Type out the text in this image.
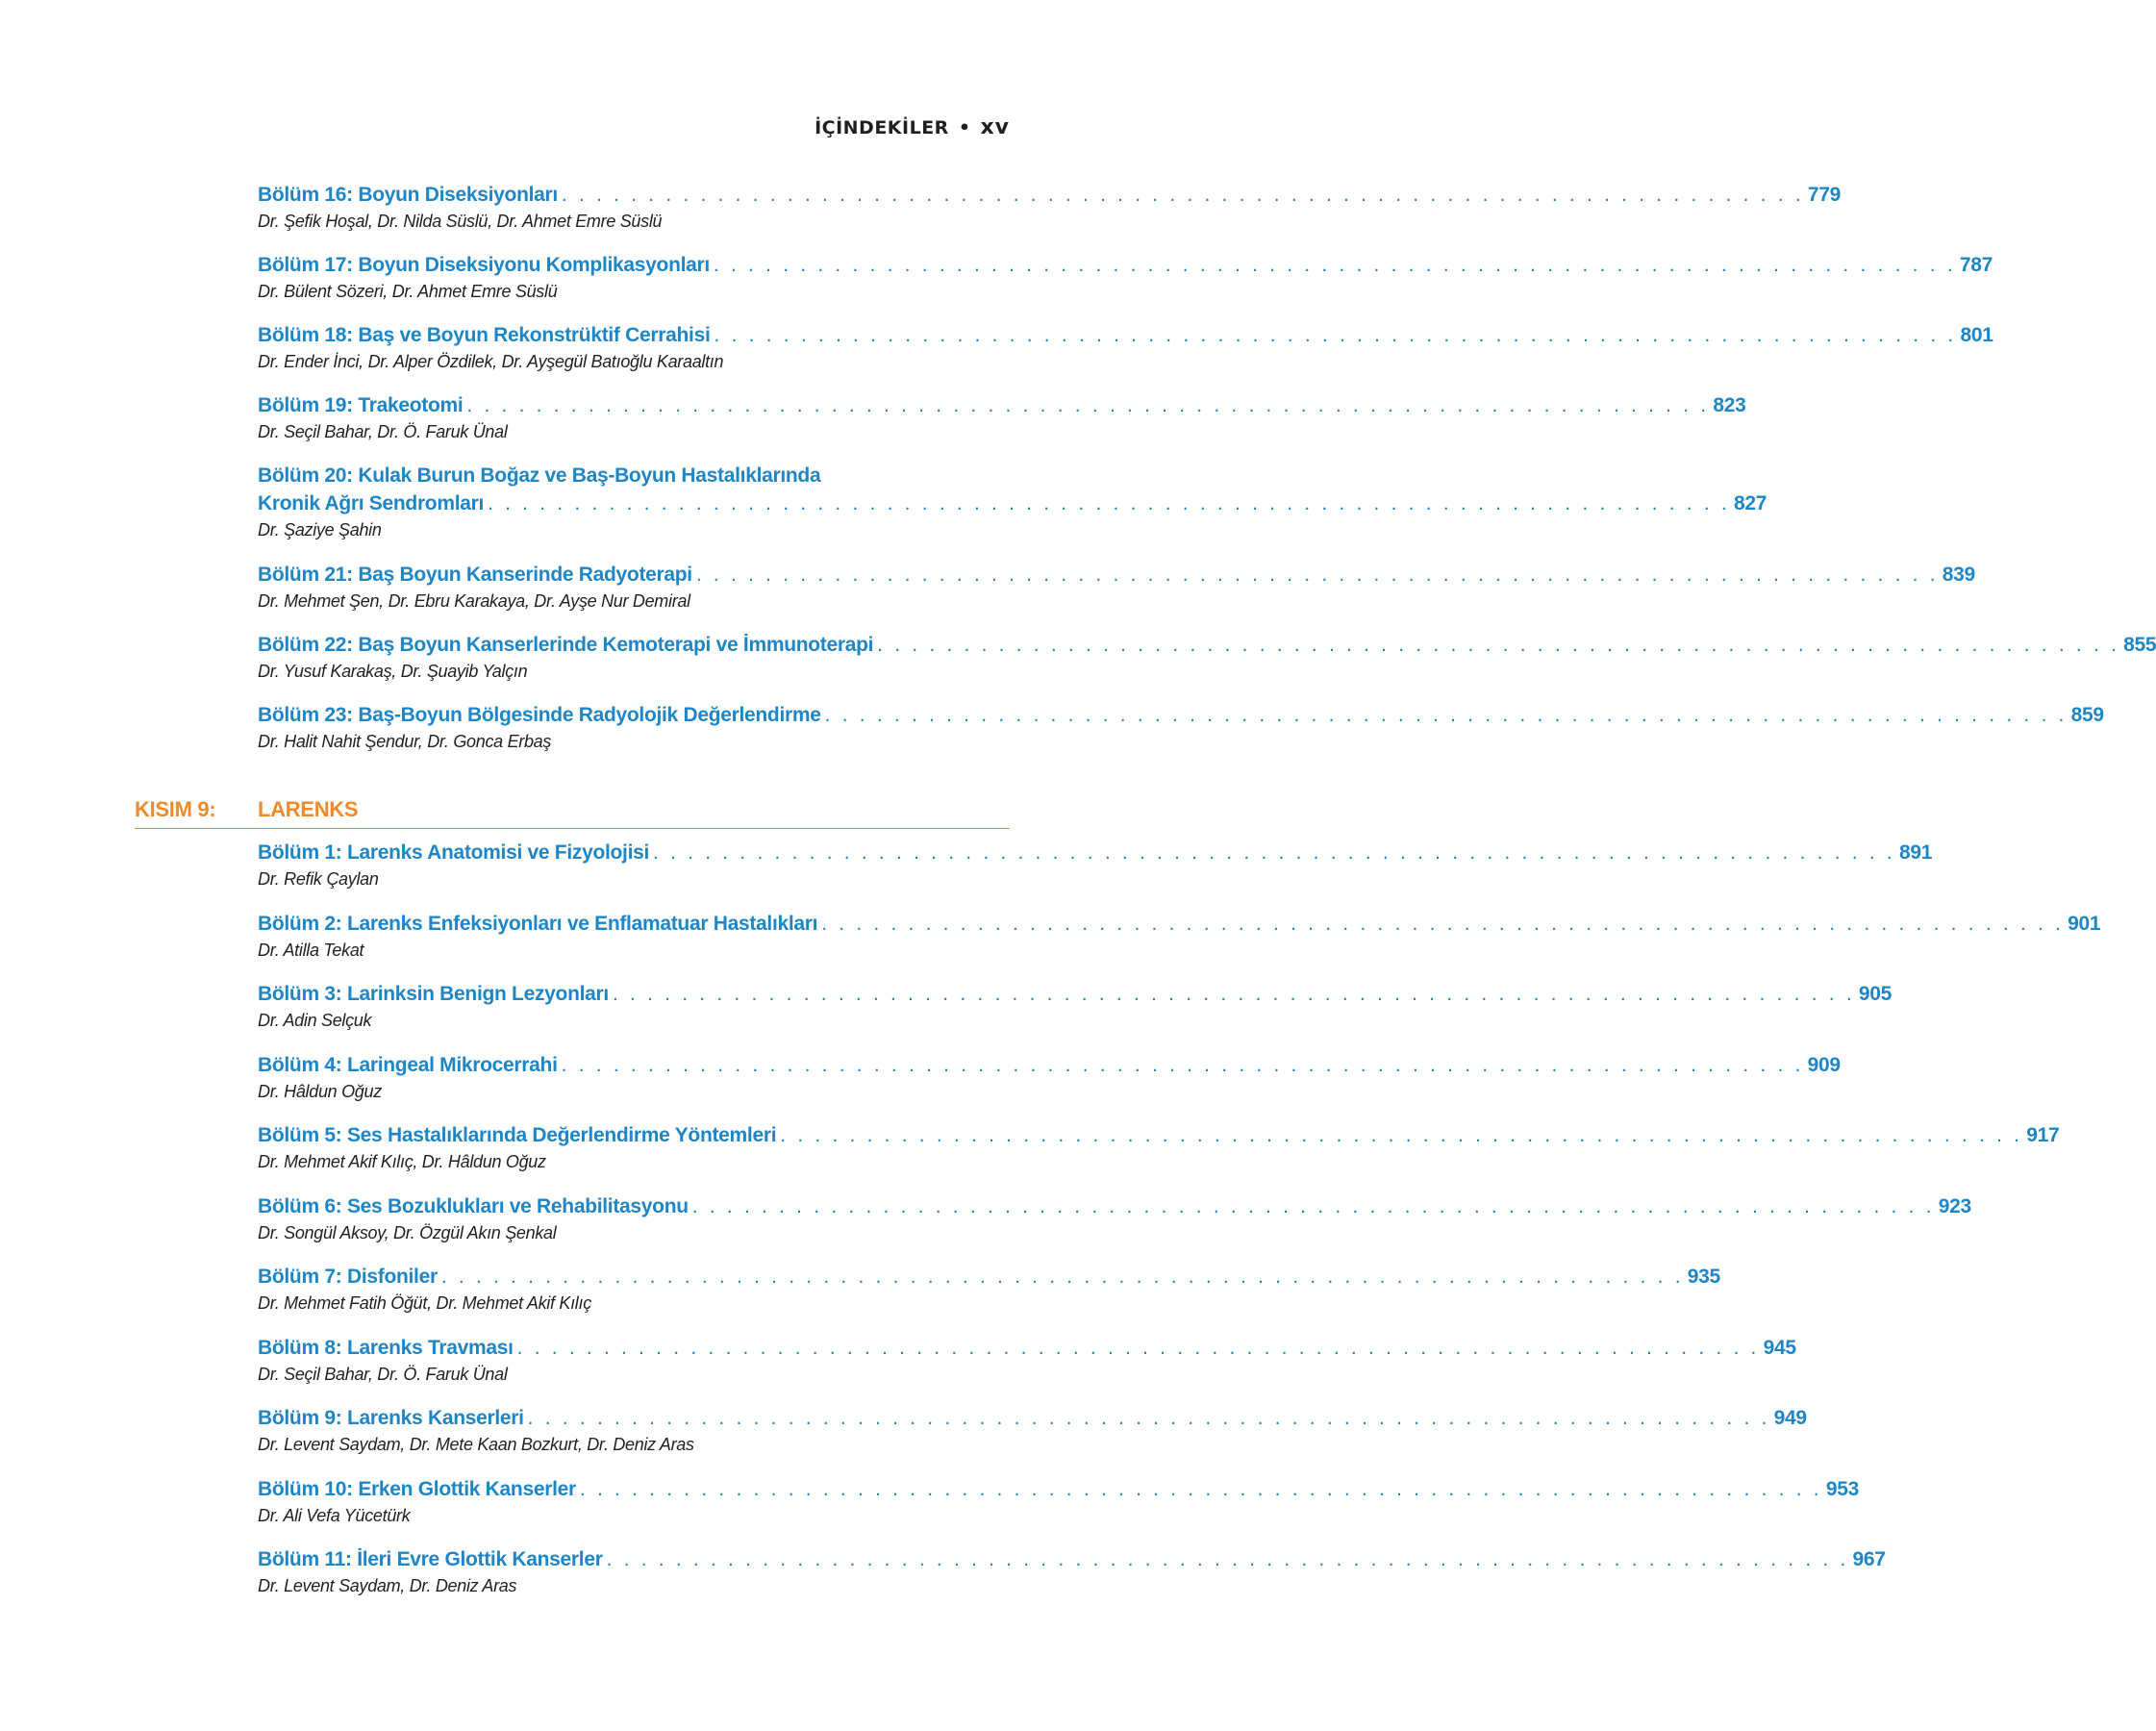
İÇİNDEKİLER • xv
Bölüm 16: Boyun Diseksiyonları . . . . . . . . . . . . . . . . . . . . . . . . . . . . . . . . . . . . . . . . . . . . . . . . . . . . . . . . . . . . . . . . . . . . . . . . 779
Dr. Şefik Hoşal, Dr. Nilda Süslü, Dr. Ahmet Emre Süslü
Bölüm 17: Boyun Diseksiyonu Komplikasyonları . . . . . . . . . . . . . . . . . . . . . . . . . . . . . . . . . . . . . . . . . . . . . . . . . . . . . . . . . . . . . . . . . . . . . . . . 787
Dr. Bülent Sözeri, Dr. Ahmet Emre Süslü
Bölüm 18: Baş ve Boyun Rekonstrüktif Cerrahisi . . . . . . . . . . . . . . . . . . . . . . . . . . . . . . . . . . . . . . . . . . . . . . . . . . . . . . . . . . . . . . . . . . . . . . . . 801
Dr. Ender İnci, Dr. Alper Özdilek, Dr. Ayşegül Batıoğlu Karaaltın
Bölüm 19: Trakeotomi . . . . . . . . . . . . . . . . . . . . . . . . . . . . . . . . . . . . . . . . . . . . . . . . . . . . . . . . . . . . . . . . . . . . . . . . 823
Dr. Seçil Bahar, Dr. Ö. Faruk Ünal
Bölüm 20: Kulak Burun Boğaz ve Baş-Boyun Hastalıklarında
Kronik Ağrı Sendromları . . . . . . . . . . . . . . . . . . . . . . . . . . . . . . . . . . . . . . . . . . . . . . . . . . . . . . . . . . . . . . . . . . . . . . . . 827
Dr. Şaziye Şahin
Bölüm 21: Baş Boyun Kanserinde Radyoterapi . . . . . . . . . . . . . . . . . . . . . . . . . . . . . . . . . . . . . . . . . . . . . . . . . . . . . . . . . . . . . . . . . . . . . . . . 839
Dr. Mehmet Şen, Dr. Ebru Karakaya, Dr. Ayşe Nur Demiral
Bölüm 22: Baş Boyun Kanserlerinde Kemoterapi ve İmmunoterapi . . . . . . . . . . . . . . . . . . . . . . . . . . . . . . . . . . . . . . . . . . . . . . . . . . . . . . . . . . . . . . . . . . . . . . . . 855
Dr. Yusuf Karakaş, Dr. Şuayib Yalçın
Bölüm 23: Baş-Boyun Bölgesinde Radyolojik Değerlendirme . . . . . . . . . . . . . . . . . . . . . . . . . . . . . . . . . . . . . . . . . . . . . . . . . . . . . . . . . . . . . . . . . . . . . . . . 859
Dr. Halit Nahit Şendur, Dr. Gonca Erbaş
KISIM 9: LARENKS
Bölüm 1: Larenks Anatomisi ve Fizyolojisi . . . . . . . . . . . . . . . . . . . . . . . . . . . . . . . . . . . . . . . . . . . . . . . . . . . . . . . . . . . . . . . . . . . . . . . . 891
Dr. Refik Çaylan
Bölüm 2: Larenks Enfeksiyonları ve Enflamatuar Hastalıkları . . . . . . . . . . . . . . . . . . . . . . . . . . . . . . . . . . . . . . . . . . . . . . . . . . . . . . . . . . . . . . . . . . . . . . . . 901
Dr. Atilla Tekat
Bölüm 3: Larinksin Benign Lezyonları . . . . . . . . . . . . . . . . . . . . . . . . . . . . . . . . . . . . . . . . . . . . . . . . . . . . . . . . . . . . . . . . . . . . . . . . 905
Dr. Adin Selçuk
Bölüm 4: Laringeal Mikrocerrahi . . . . . . . . . . . . . . . . . . . . . . . . . . . . . . . . . . . . . . . . . . . . . . . . . . . . . . . . . . . . . . . . . . . . . . . . 909
Dr. Hâldun Oğuz
Bölüm 5: Ses Hastalıklarında Değerlendirme Yöntemleri . . . . . . . . . . . . . . . . . . . . . . . . . . . . . . . . . . . . . . . . . . . . . . . . . . . . . . . . . . . . . . . . . . . . . . . . 917
Dr. Mehmet Akif Kılıç, Dr. Hâldun Oğuz
Bölüm 6: Ses Bozuklukları ve Rehabilitasyonu . . . . . . . . . . . . . . . . . . . . . . . . . . . . . . . . . . . . . . . . . . . . . . . . . . . . . . . . . . . . . . . . . . . . . . . . 923
Dr. Songül Aksoy, Dr. Özgül Akın Şenkal
Bölüm 7: Disfoniler . . . . . . . . . . . . . . . . . . . . . . . . . . . . . . . . . . . . . . . . . . . . . . . . . . . . . . . . . . . . . . . . . . . . . . . . 935
Dr. Mehmet Fatih Öğüt, Dr. Mehmet Akif Kılıç
Bölüm 8: Larenks Travması . . . . . . . . . . . . . . . . . . . . . . . . . . . . . . . . . . . . . . . . . . . . . . . . . . . . . . . . . . . . . . . . . . . . . . . . 945
Dr. Seçil Bahar, Dr. Ö. Faruk Ünal
Bölüm 9: Larenks Kanserleri . . . . . . . . . . . . . . . . . . . . . . . . . . . . . . . . . . . . . . . . . . . . . . . . . . . . . . . . . . . . . . . . . . . . . . . . 949
Dr. Levent Saydam, Dr. Mete Kaan Bozkurt, Dr. Deniz Aras
Bölüm 10: Erken Glottik Kanserler . . . . . . . . . . . . . . . . . . . . . . . . . . . . . . . . . . . . . . . . . . . . . . . . . . . . . . . . . . . . . . . . . . . . . . . . 953
Dr. Ali Vefa Yücetürk
Bölüm 11: İleri Evre Glottik Kanserler . . . . . . . . . . . . . . . . . . . . . . . . . . . . . . . . . . . . . . . . . . . . . . . . . . . . . . . . . . . . . . . . . . . . . . . . 967
Dr. Levent Saydam, Dr. Deniz Aras
